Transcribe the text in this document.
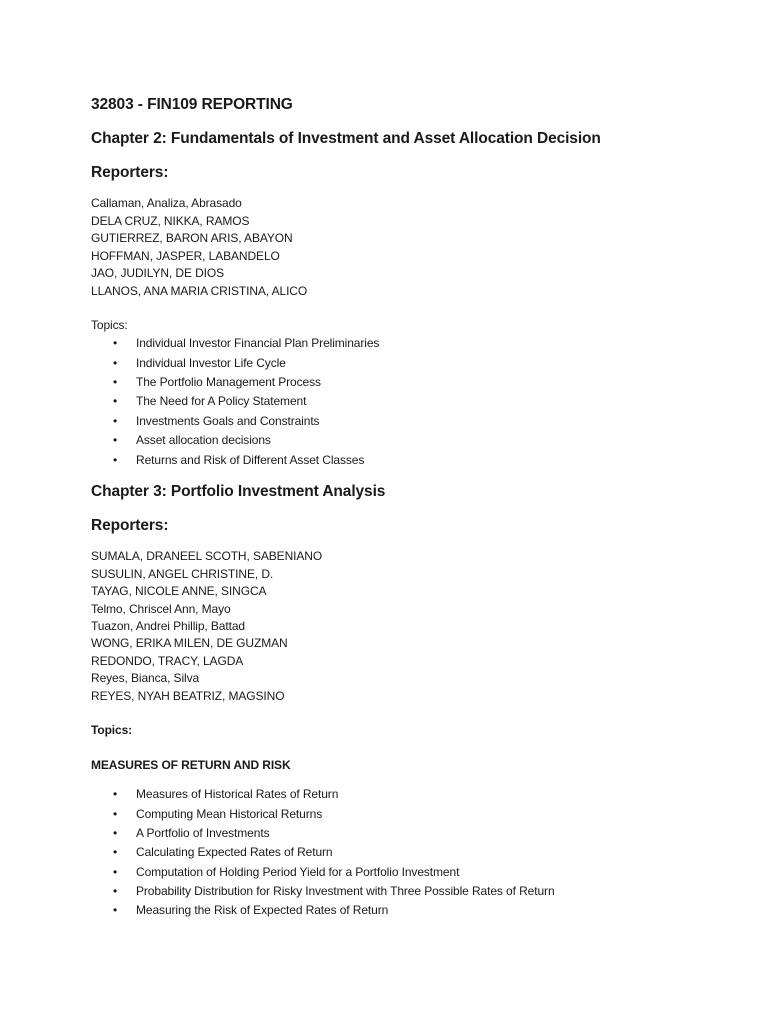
32803 - FIN109 REPORTING
Chapter 2: Fundamentals of Investment and Asset Allocation Decision
Reporters:
Callaman, Analiza, Abrasado
DELA CRUZ, NIKKA, RAMOS
GUTIERREZ, BARON ARIS, ABAYON
HOFFMAN, JASPER, LABANDELO
JAO, JUDILYN, DE DIOS
LLANOS, ANA MARIA CRISTINA, ALICO
Topics:
• Individual Investor Financial Plan Preliminaries
• Individual Investor Life Cycle
• The Portfolio Management Process
• The Need for A Policy Statement
• Investments Goals and Constraints
• Asset allocation decisions
• Returns and Risk of Different Asset Classes
Chapter 3: Portfolio Investment Analysis
Reporters:
SUMALA, DRANEEL SCOTH, SABENIANO
SUSULIN, ANGEL CHRISTINE, D.
TAYAG, NICOLE ANNE, SINGCA
Telmo, Chriscel Ann, Mayo
Tuazon, Andrei Phillip, Battad
WONG, ERIKA MILEN, DE GUZMAN
REDONDO, TRACY, LAGDA
Reyes, Bianca, Silva
REYES, NYAH BEATRIZ, MAGSINO
Topics:
MEASURES OF RETURN AND RISK
• Measures of Historical Rates of Return
• Computing Mean Historical Returns
• A Portfolio of Investments
• Calculating Expected Rates of Return
• Computation of Holding Period Yield for a Portfolio Investment
• Probability Distribution for Risky Investment with Three Possible Rates of Return
• Measuring the Risk of Expected Rates of Return
